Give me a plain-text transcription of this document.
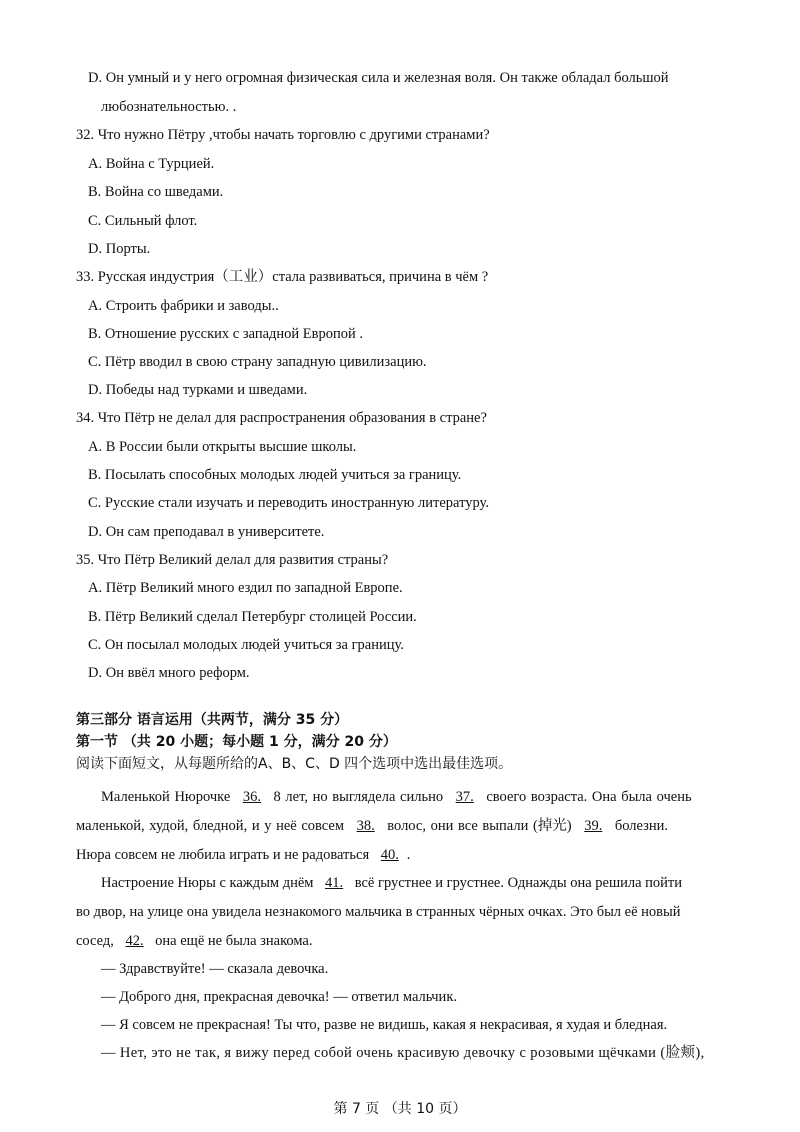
D. Он умный и у него огромная физическая сила и железная воля. Он также обладал большой
любознательностью. .
32. Что нужно Пётру ,чтобы начать торговлю с другими странами?
A. Война с Турцией.
B. Война со шведами.
C. Сильный флот.
D. Порты.
33. Русская индустрия（工业）стала развиваться, причина в чём ?
A. Строить фабрики и заводы..
B. Отношение русских с западной Европой .
C. Пётр вводил в свою страну западную цивилизацию.
D. Победы над турками и шведами.
34. Что Пётр не делал для распространения образования в стране?
A. В России были открыты высшие школы.
B. Посылать способных молодых людей учиться за границу.
C. Русские стали изучать и переводить иностранную литературу.
D. Он сам преподавал в университете.
35. Что Пётр Великий делал для развития страны?
A. Пётр Великий много ездил по западной Европе.
B. Пётр Великий сделал Петербург столицей России.
C. Он посылал молодых людей учиться за границу.
D. Он ввёл много реформ.
第三部分 语言运用（共两节，满分 35 分）
第一节 （共 20 小题；每小题 1 分，满分 20 分）
阅读下面短文，从每题所给的A、B、C、D 四个选项中选出最佳选项。
Маленькой Нюрочке 36. 8 лет, но выглядела сильно 37. своего возраста. Она была очень
маленькой, худой, бледной, и у неё совсем 38. волос, они все выпали (掉光) 39. болезни.
Нюра совсем не любила играть и не радоваться 40. .
Настроение Нюры с каждым днём 41. всё грустнее и грустнее. Однажды она решила пойти
во двор, на улице она увидела незнакомого мальчика в странных чёрных очках. Это был её новый
сосед, 42. она ещё не была знакома.
— Здравствуйте! — сказала девочка.
— Доброго дня, прекрасная девочка! — ответил мальчик.
— Я совсем не прекрасная! Ты что, разве не видишь, какая я некрасивая, я худая и бледная.
— Нет, это не так, я вижу перед собой очень красивую девочку с розовыми щёчками (脸颊),
第 7 页 （共 10 页）
